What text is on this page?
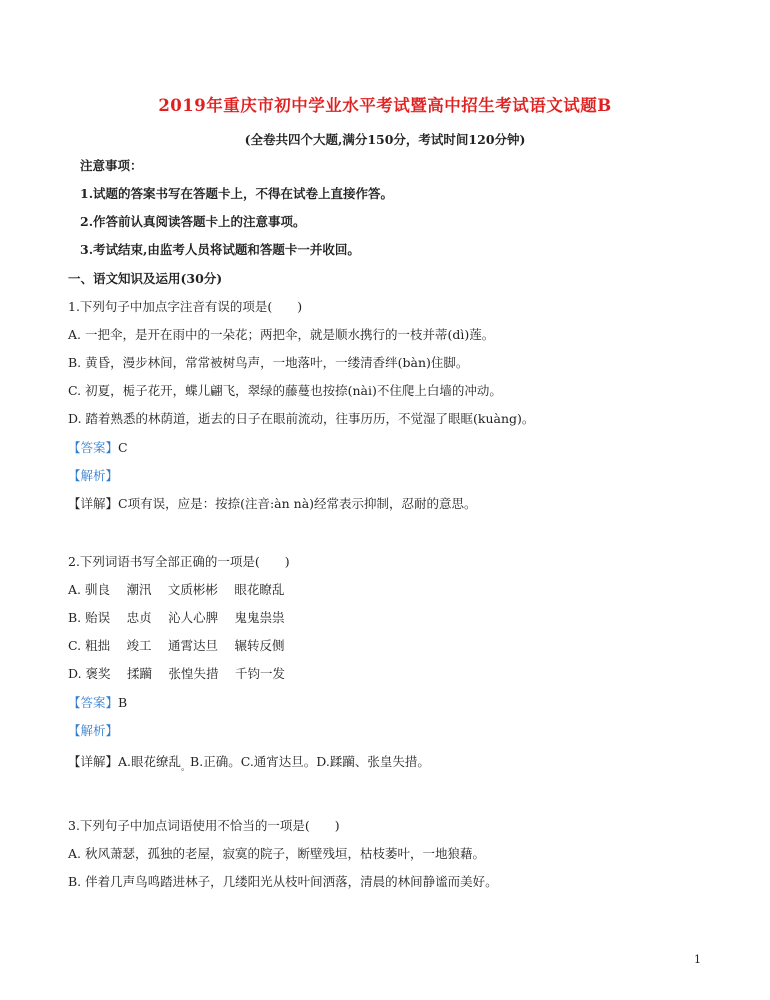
2019年重庆市初中学业水平考试暨高中招生考试语文试题B
(全卷共四个大题,满分150分，考试时间120分钟)
注意事项：
1.试题的答案书写在答题卡上，不得在试卷上直接作答。
2.作答前认真阅读答题卡上的注意事项。
3.考试结束,由监考人员将试题和答题卡一并收回。
一、语文知识及运用(30分)
1.下列句子中加点字注音有误的项是(　　)
A. 一把伞，是开在雨中的一朵花；两把伞，就是顺水携行的一枝并蒂(dì)莲。
B. 黄昏，漫步林间，常常被树鸟声，一地落叶，一缕清香绊(bàn)住脚。
C. 初夏，栀子花开，蝶儿翩飞，翠绿的藤蔓也按捺(nài)不住爬上白墙的冲动。
D. 踏着熟悉的林荫道，逝去的日子在眼前流动，往事历历，不觉湿了眼眶(kuàng)。
【答案】C
【解析】
【详解】C项有误，应是：按捺(注音:àn nà)经常表示抑制，忍耐的意思。
2.下列词语书写全部正确的一项是(　　)
A. 驯良　 潮汛　 文质彬彬　 眼花瞭乱
B. 贻误　 忠贞　 沁人心脾　 鬼鬼祟祟
C. 粗拙　 竣工　 通霄达旦　 辗转反侧
D. 褒奖　 揉躏　 张惶失措　 千钧一发
【答案】B
【解析】
【详解】A.眼花缭乱$_。$B.正确。C.通宵达旦。D.蹂躏、张皇失措。
3.下列句子中加点词语使用不恰当的一项是(　　)
A. 秋风萧瑟，孤独的老屋，寂寞的院子，断壁残垣，枯枝萎叶，一地狼藉。
B. 伴着几声鸟鸣踏进林子，几缕阳光从枝叶间洒落，清晨的林间静谧而美好。
1
